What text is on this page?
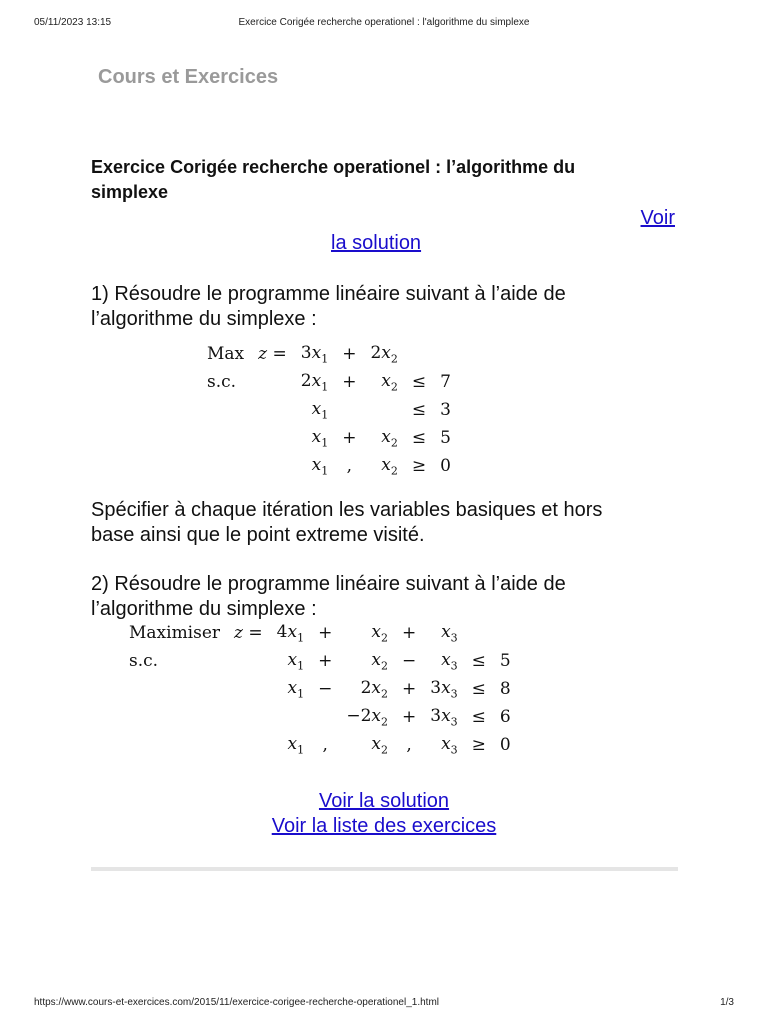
05/11/2023 13:15	Exercice Corigée recherche operationel : l'algorithme du simplexe
Cours et Exercices
Exercice Corigée recherche operationel : l’algorithme du simplexe
Voir
la solution
1) Résoudre le programme linéaire suivant à l’aide de l’algorithme du simplexe :
Max	z =	$3x_1$	+	$2x_2$		
s.c.		$2x_1$	+	$x_2$	≤	7
		$x_1$			≤	3
		$x_1$	+	$x_2$	≤	5
		$x_1$	,	$x_2$	≥	0
Spécifier à chaque itération les variables basiques et hors base ainsi que le point extreme visité.
2) Résoudre le programme linéaire suivant à l’aide de l’algorithme du simplexe :
Maximiser	z =	$4x_1$	+	$x_2$	+	$x_3$		
s.c.		$x_1$	+	$x_2$	−	$x_3$	≤	5
		$x_1$	−	$2x_2$	+	$3x_3$	≤	8
				$-2x_2$	+	$3x_3$	≤	6
		$x_1$	,	$x_2$	,	$x_3$	≥	0
Voir la solution
Voir la liste des exercices
https://www.cours-et-exercices.com/2015/11/exercice-corigee-recherche-operationel_1.html	1/3
